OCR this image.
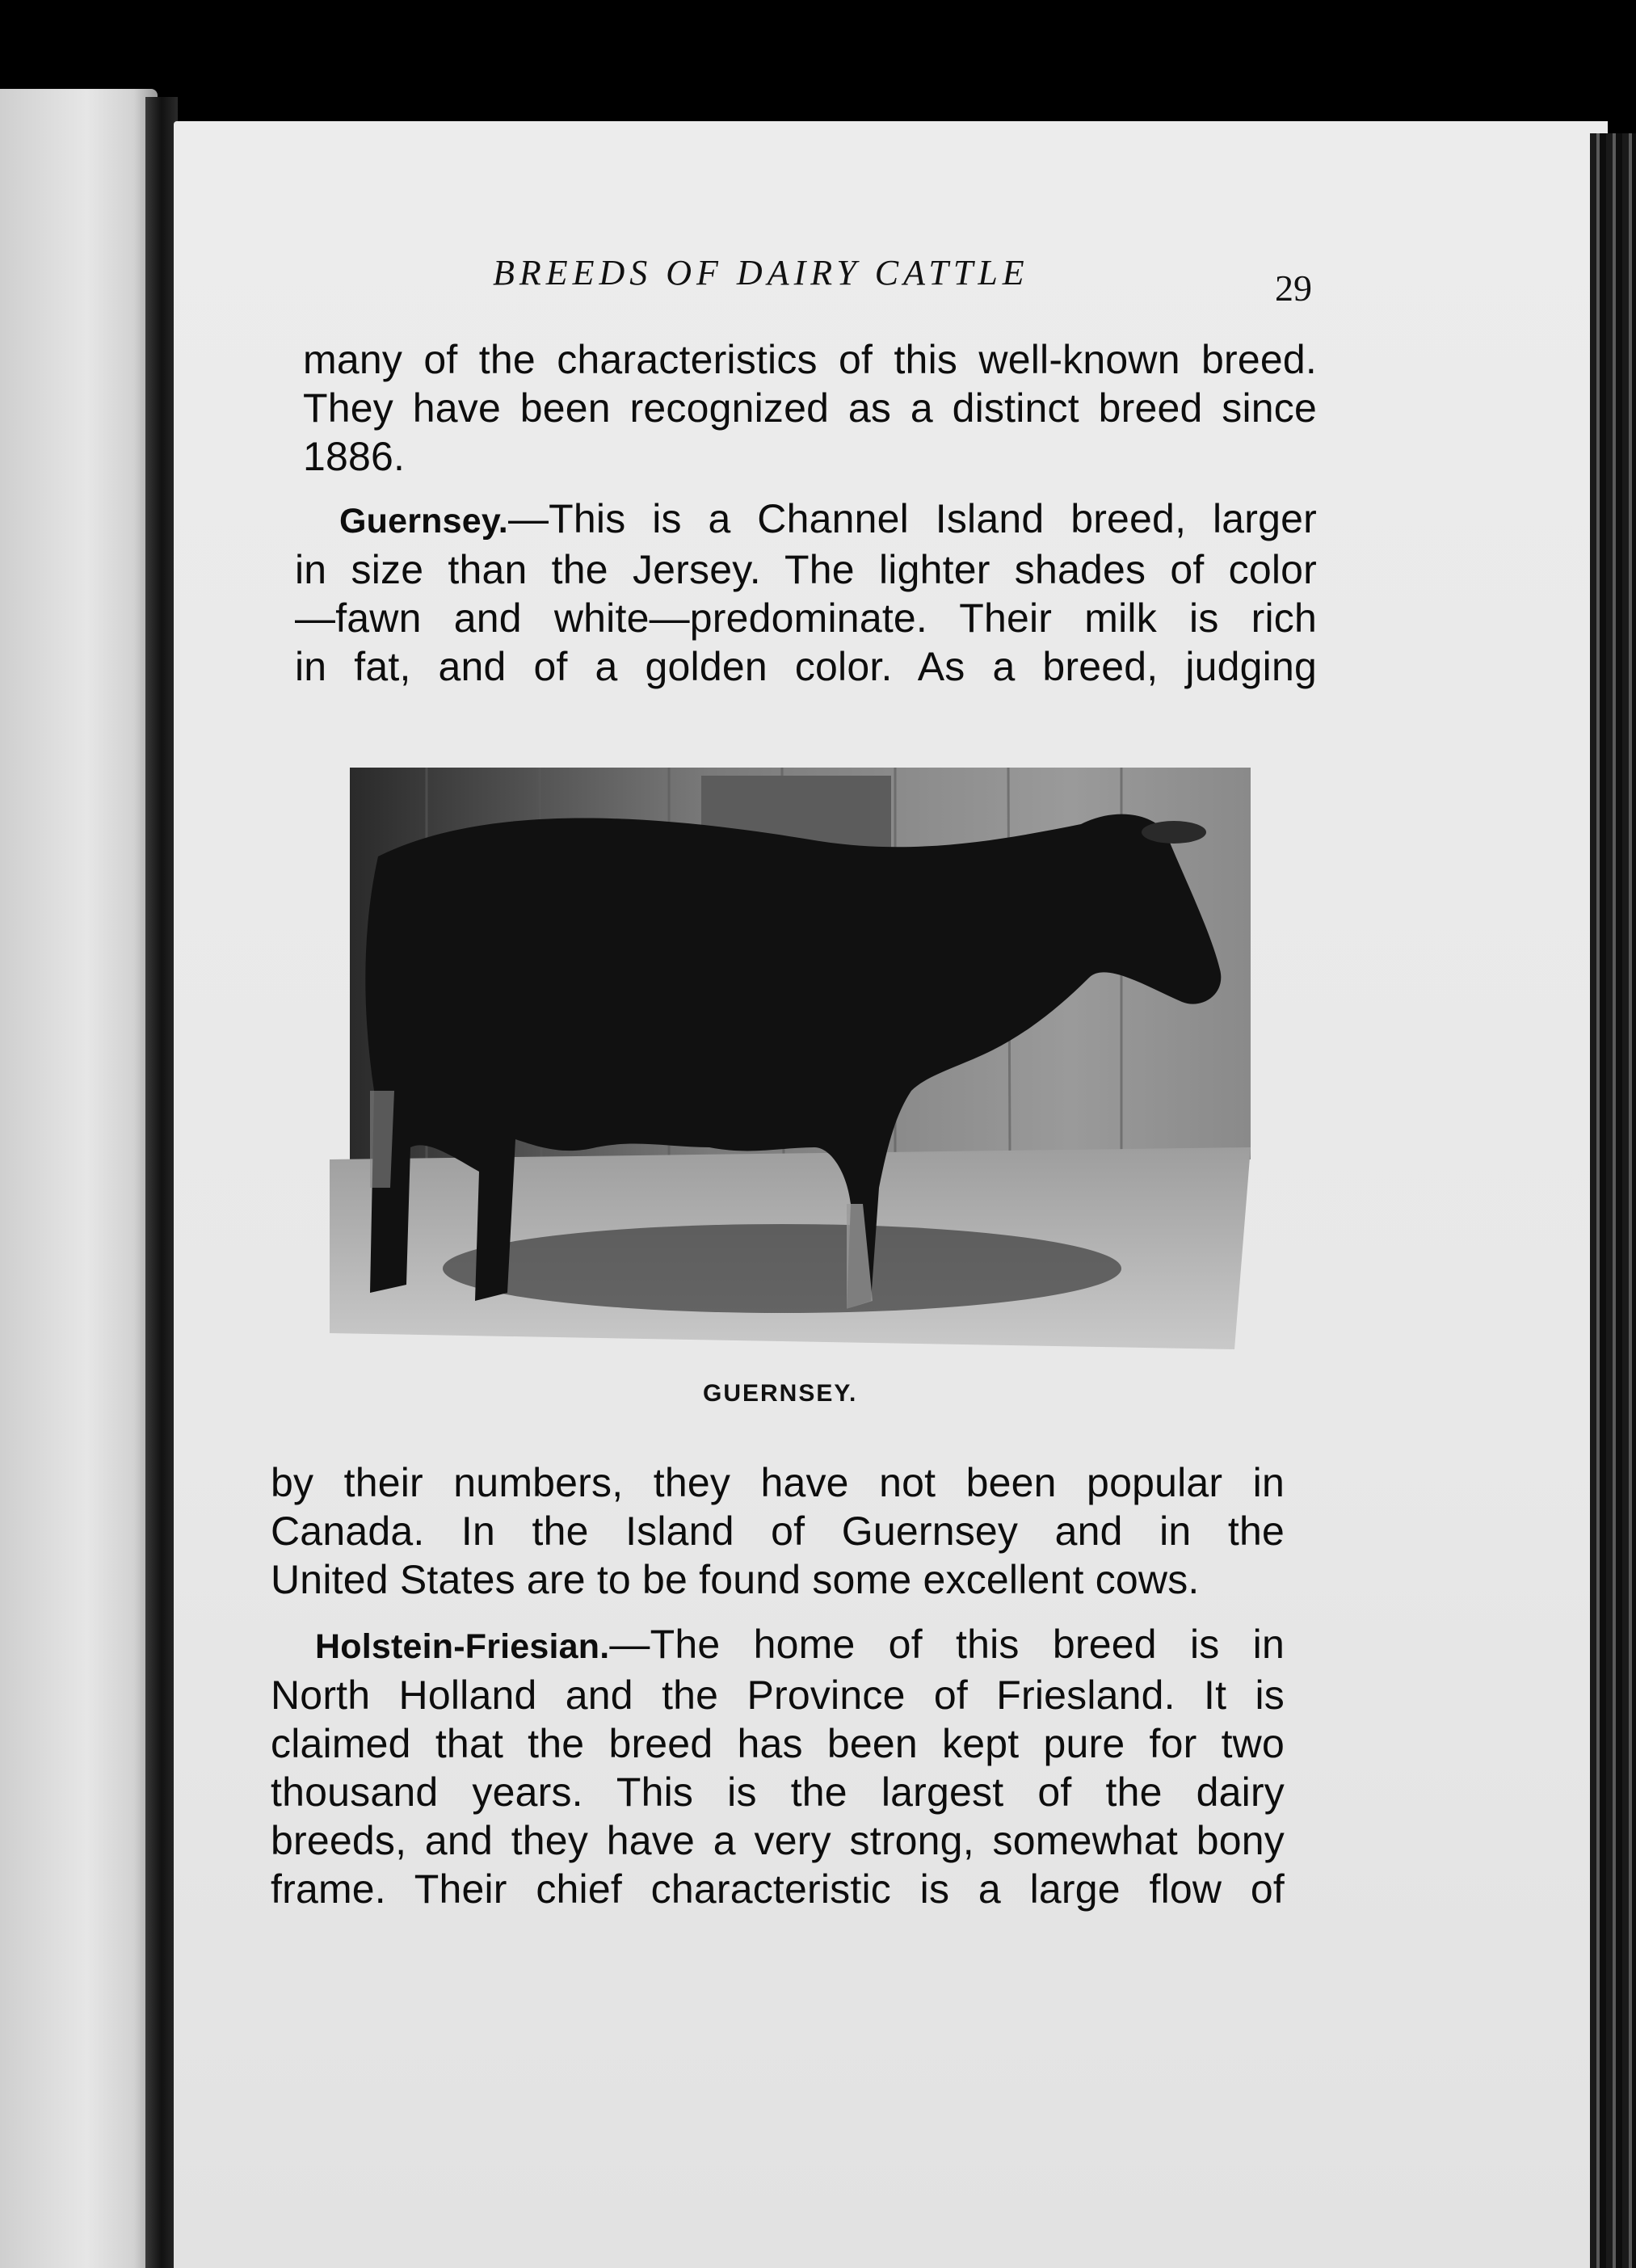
BREEDS OF DAIRY CATTLE	29

many of the characteristics of this well-known breed.
They have been recognized as a distinct breed since
1886.

Guernsey.—This is a Channel Island breed, larger
in size than the Jersey. The lighter shades of color
—fawn and white—predominate. Their milk is rich
in fat, and of a golden color. As a breed, judging

GUERNSEY.

by their numbers, they have not been popular in
Canada. In the Island of Guernsey and in the
United States are to be found some excellent cows.

Holstein-Friesian.—The home of this breed is in
North Holland and the Province of Friesland. It is
claimed that the breed has been kept pure for two
thousand years. This is the largest of the dairy
breeds, and they have a very strong, somewhat bony
frame. Their chief characteristic is a large flow of
